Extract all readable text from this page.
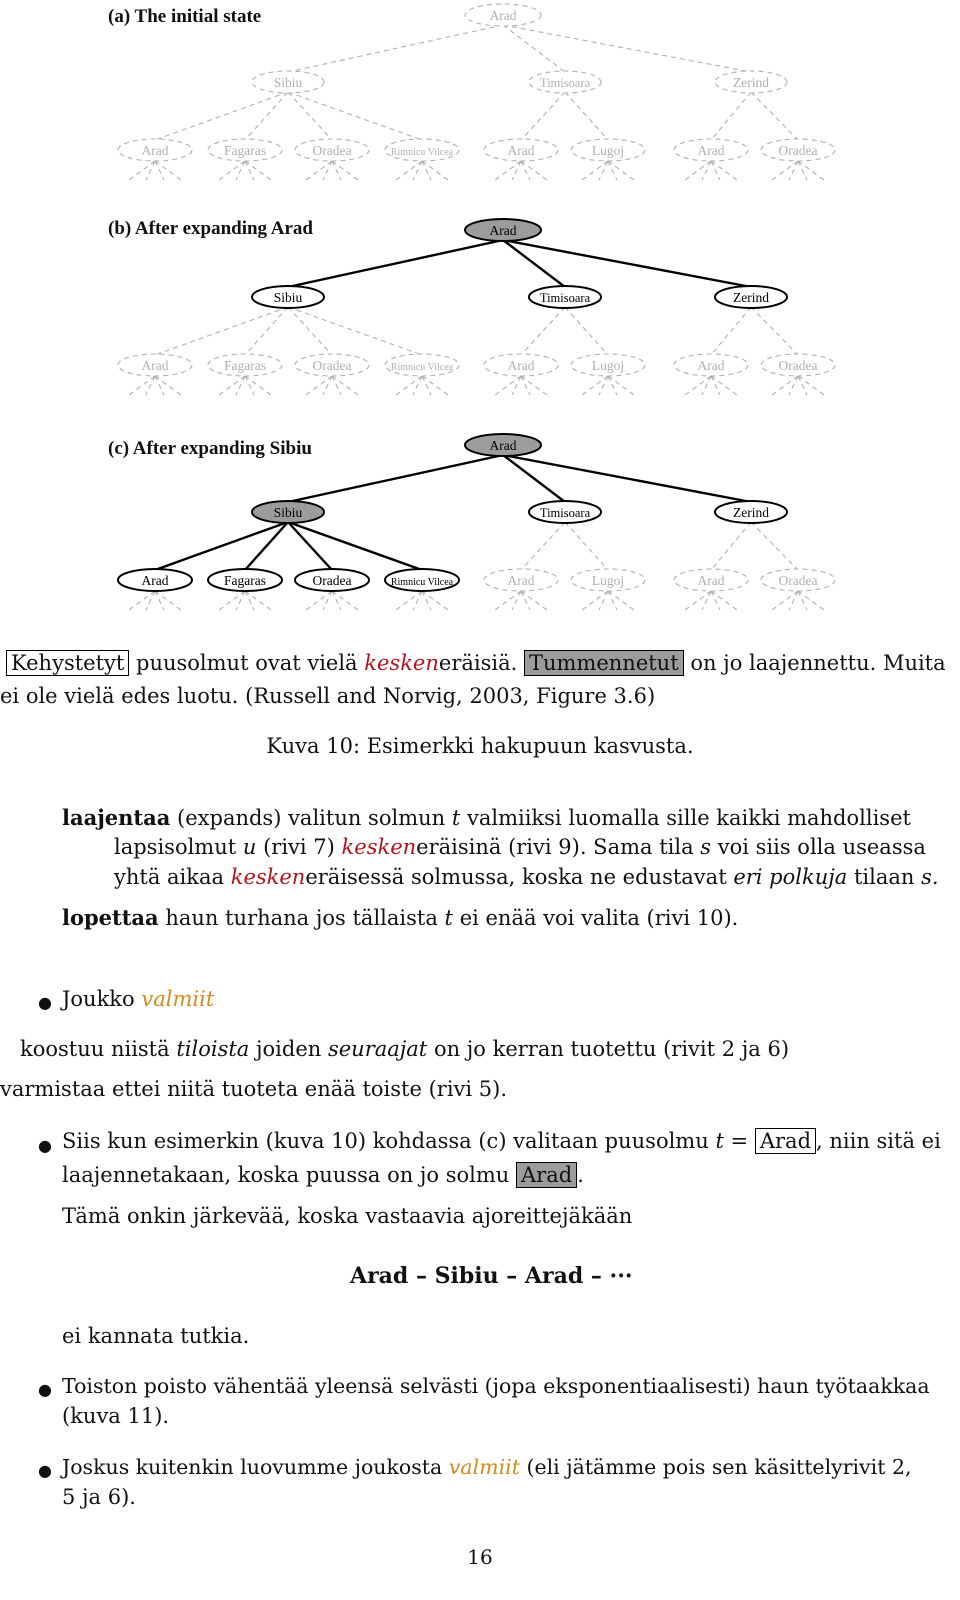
(a) The initial state
(b) After expanding Arad
(c) After expanding Sibiu
Arad
Sibiu	Timisoara	Zerind
Arad	Fagaras	Oradea	Rimnicu Vilcea	Arad	Lugoj	Arad	Oradea
Arad
Sibiu	Timisoara	Zerind
Arad	Fagaras	Oradea	Rimnicu Vilcea	Arad	Lugoj	Arad	Oradea
Arad
Sibiu	Timisoara	Zerind
Arad	Fagaras	Oradea	Rimnicu Vilcea	Arad	Lugoj	Arad	Oradea
Kehystetyt puusolmut ovat vielä keskeneräisiä. Tummennetut on jo laajennettu. Muita
ei ole vielä edes luotu. (Russell and Norvig, 2003, Figure 3.6)
Kuva 10: Esimerkki hakupuun kasvusta.
laajentaa (expands) valitun solmun t valmiiksi luomalla sille kaikki mahdolliset
lapsisolmut u (rivi 7) keskeneräisinä (rivi 9). Sama tila s voi siis olla useassa
yhtä aikaa keskeneräisessä solmussa, koska ne edustavat eri polkuja tilaan s.
lopettaa haun turhana jos tällaista t ei enää voi valita (rivi 10).
● Joukko valmiit
koostuu niistä tiloista joiden seuraajat on jo kerran tuotettu (rivit 2 ja 6)
varmistaa ettei niitä tuoteta enää toiste (rivi 5).
● Siis kun esimerkin (kuva 10) kohdassa (c) valitaan puusolmu t = Arad , niin sitä ei
laajennetakaan, koska puussa on jo solmu Arad .
Tämä onkin järkevää, koska vastaavia ajoreittejäkään
Arad – Sibiu – Arad – ···
ei kannata tutkia.
● Toiston poisto vähentää yleensä selvästi (jopa eksponentiaalisesti) haun työtaakkaa
(kuva 11).
● Joskus kuitenkin luovumme joukosta valmiit (eli jätämme pois sen käsittelyrivit 2,
5 ja 6).
16
